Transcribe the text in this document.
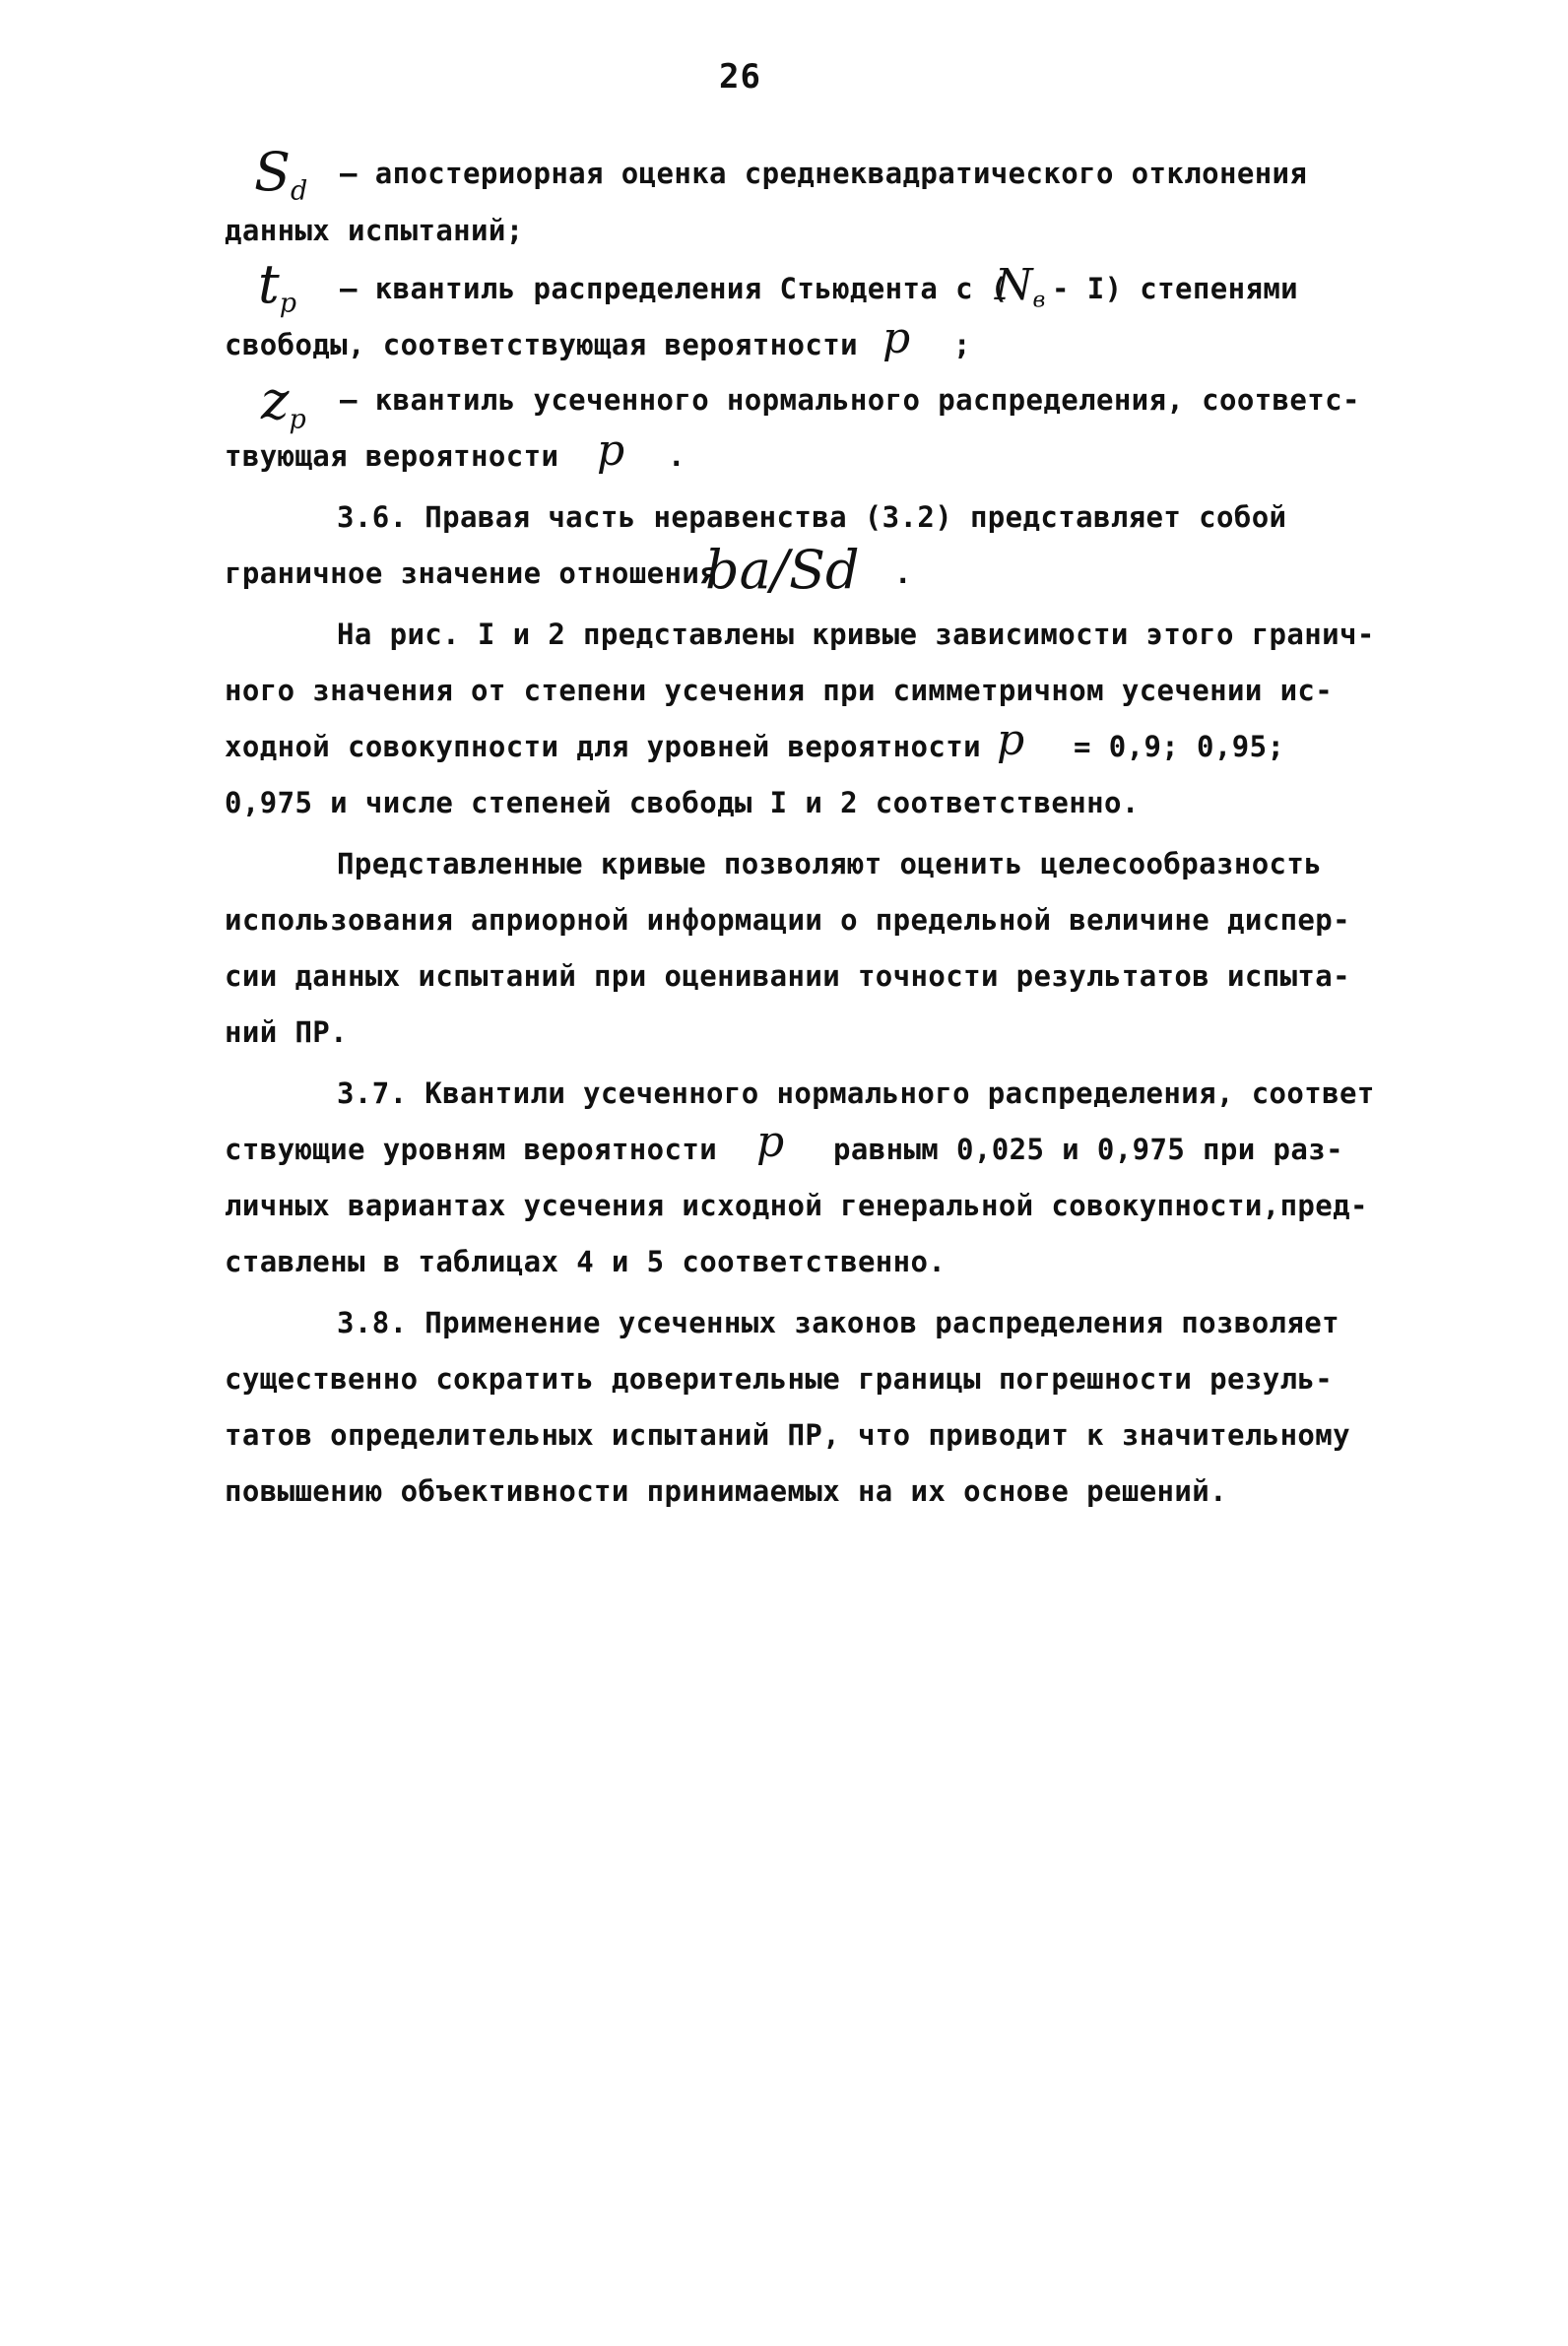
26
$S_d$
– апостериорная оценка среднеквадратического отклонения
данных испытаний;
$t_p$ – квантиль распределения Стьюдента с (
$N_в - I$) степенями
свободы, соответствующая вероятности p ;
$z_p$
– квантиль усеченного нормального распределения, соответс-
твующая вероятности p .
3.6. Правая часть неравенства (3.2) представляет собой
граничное значение отношения
ba/Sd .
На рис. I и 2 представлены кривые зависимости этого гранич-
ного значения от степени усечения при симметричном усечении ис-
ходной совокупности для уровней вероятности p = 0,9; 0,95;
0,975 и числе степеней свободы I и 2 соответственно.
Представленные кривые позволяют оценить целесообразность
использования априорной информации о предельной величине диспер-
сии данных испытаний при оценивании точности результатов испыта-
ний ПР.
3.7. Квантили усеченного нормального распределения, соответ
ствующие уровням вероятности p равным 0,025 и 0,975 при раз-
личных вариантах усечения исходной генеральной совокупности,пред-
ставлены в таблицах 4 и 5 соответственно.
3.8. Применение усеченных законов распределения позволяет
существенно сократить доверительные границы погрешности резуль-
татов определительных испытаний ПР, что приводит к значительному
повышению объективности принимаемых на их основе решений.
